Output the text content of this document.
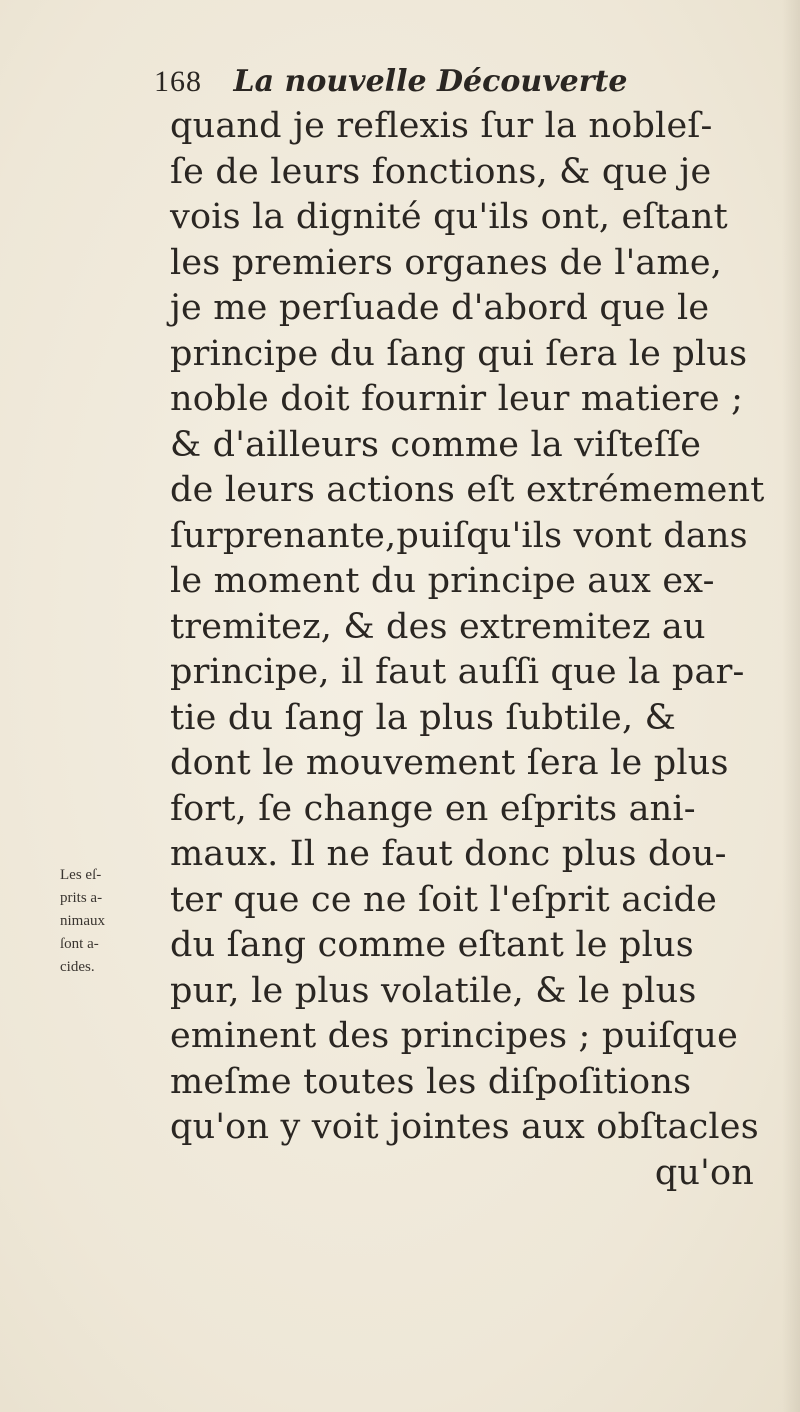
168 La nouvelle Découverte
quand je reflexis ſur la nobleſ-
ſe de leurs fonctions, & que je
vois la dignité qu'ils ont, eſtant
les premiers organes de l'ame,
je me perſuade d'abord que le
principe du ſang qui ſera le plus
noble doit fournir leur matiere ;
& d'ailleurs comme la viſteſſe
de leurs actions eſt extrémement
ſurprenante,puiſqu'ils vont dans
le moment du principe aux ex-
tremitez, & des extremitez au
principe, il faut auſſi que la par-
tie du ſang la plus ſubtile, &
dont le mouvement ſera le plus
fort, ſe change en eſprits ani-
maux. Il ne faut donc plus dou-
ter que ce ne ſoit l'eſprit acide
du ſang comme eſtant le plus
pur, le plus volatile, & le plus
eminent des principes ; puiſque
meſme toutes les diſpoſitions
qu'on y voit jointes aux obſtacles
qu'on
Les eſ-
prits a-
nimaux
ſont a-
cides.
